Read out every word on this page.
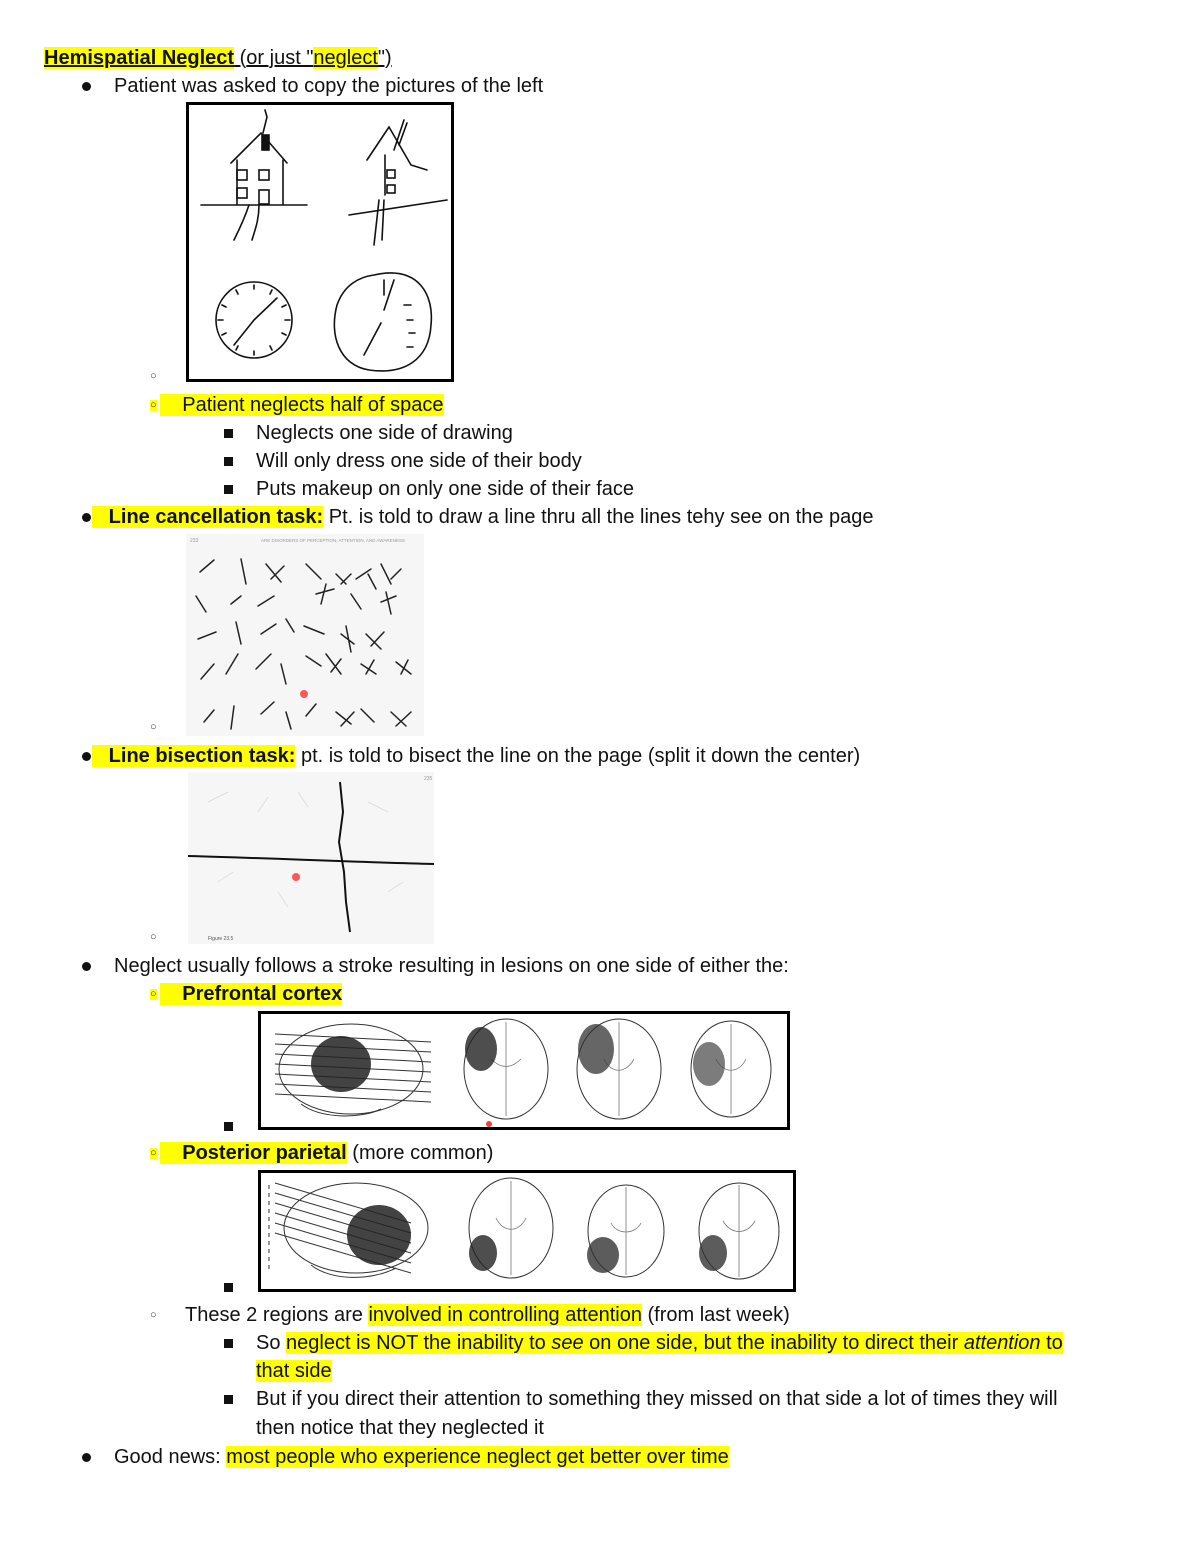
Hemispatial Neglect (or just "neglect")
Patient was asked to copy the pictures of the left
○
○	Patient neglects half of space
Neglects one side of drawing
Will only dress one side of their body
Puts makeup on only one side of their face
Line cancellation task: Pt. is told to draw a line thru all the lines tehy see on the page
233	ARE DISORDERS OF PERCEPTION, ATTENTION, AND AWARENESS
○
Line bisection task: pt. is told to bisect the line on the page (split it down the center)
235
Figure 23.5
○
Neglect usually follows a stroke resulting in lesions on one side of either the:
○	Prefrontal cortex
○	Posterior parietal (more common)
○ These 2 regions are involved in controlling attention (from last week)
So neglect is NOT the inability to see on one side, but the inability to direct their attention to
that side
But if you direct their attention to something they missed on that side a lot of times they will
then notice that they neglected it
Good news: most people who experience neglect get better over time
